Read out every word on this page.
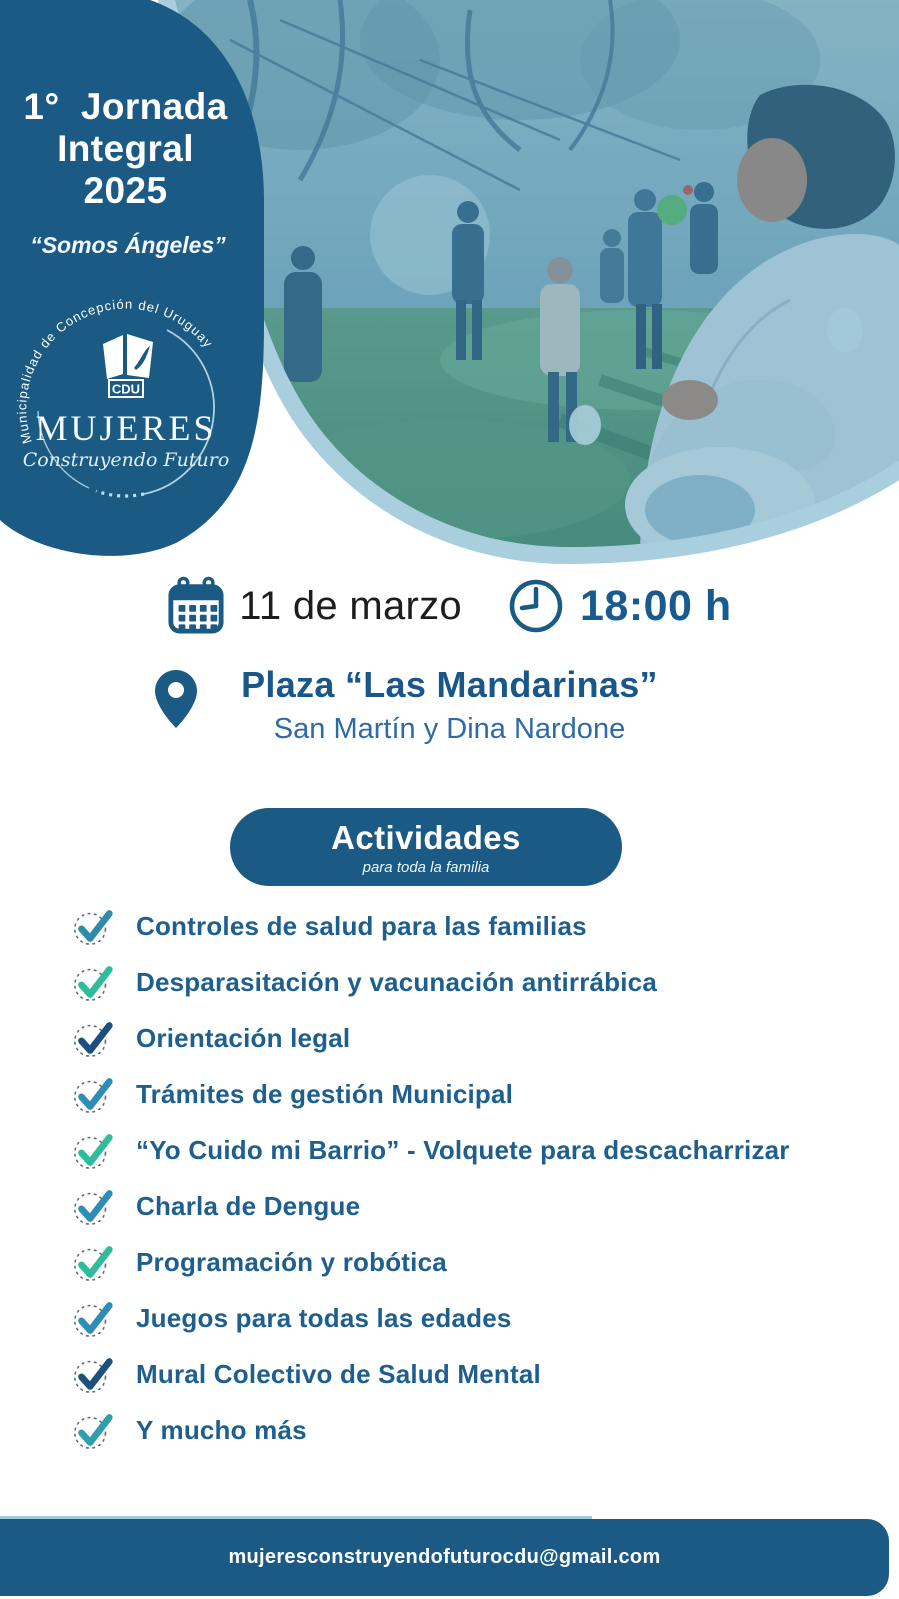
1°  Jornada
Integral
2025
“Somos Ángeles”
Municipalidad de Concepción del Uruguay
CDU
MUJERES
Construyendo Futuro
11 de marzo	18:00 h
Plaza “Las Mandarinas”
San Martín y Dina Nardone
Actividades
para toda la familia
Controles de salud para las familias
Desparasitación y vacunación antirrábica
Orientación legal
Trámites de gestión Municipal
“Yo Cuido mi Barrio” - Volquete para descacharrizar
Charla de Dengue
Programación y robótica
Juegos para todas las edades
Mural Colectivo de Salud Mental
Y mucho más
mujeresconstruyendofuturocdu@gmail.com
